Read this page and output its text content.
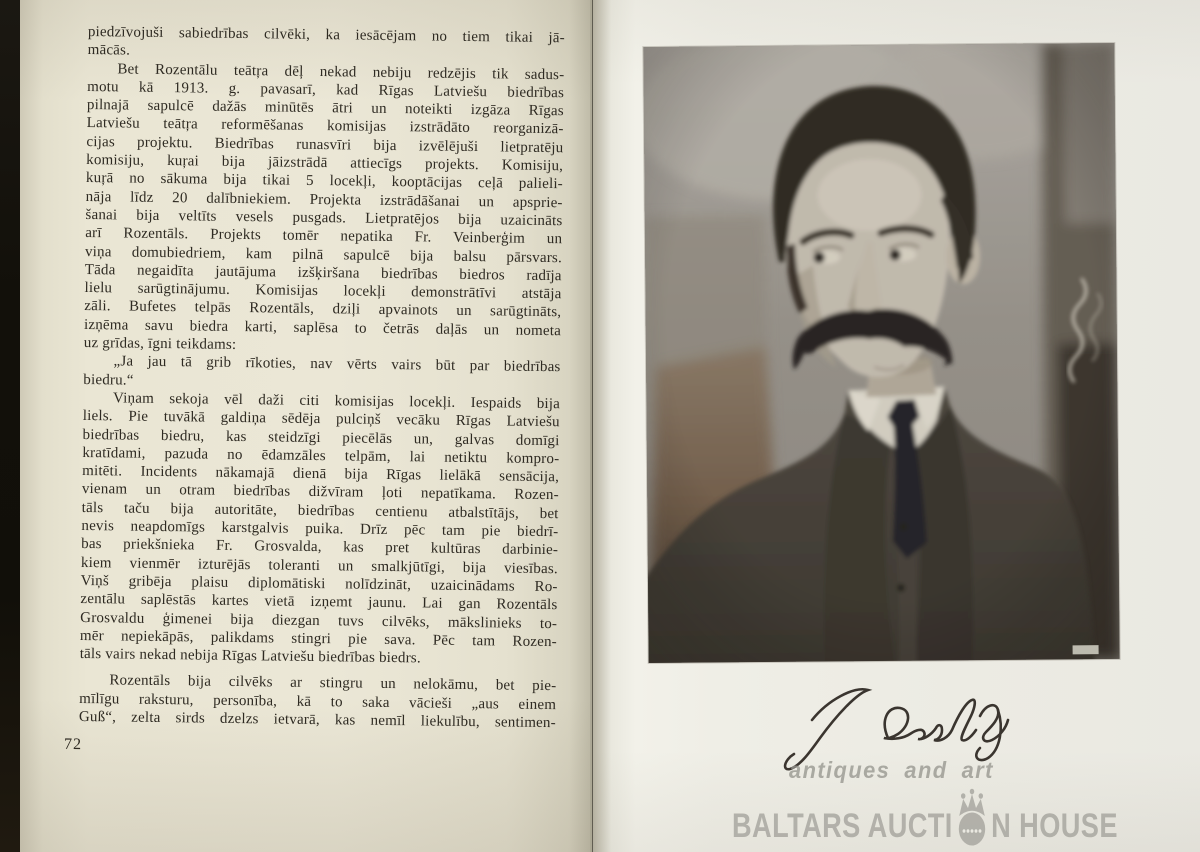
piedzīvojuši sabiedrības cilvēki, ka iesācējam no tiem tikai jā-
mācās.
Bet Rozentālu teātŗa dēļ nekad nebiju redzējis tik sadus-
motu kā 1913. g. pavasarī, kad Rīgas Latviešu biedrības
pilnajā sapulcē dažās minūtēs ātri un noteikti izgāza Rīgas
Latviešu teātŗa reformēšanas komisijas izstrādāto reorganizā-
cijas projektu. Biedrības runasvīri bija izvēlējuši lietpratēju
komisiju, kuŗai bija jāizstrādā attiecīgs projekts. Komisiju,
kuŗā no sākuma bija tikai 5 locekļi, kooptācijas ceļā palieli-
nāja līdz 20 dalībniekiem. Projekta izstrādāšanai un apsprie-
šanai bija veltīts vesels pusgads. Lietpratējos bija uzaicināts
arī Rozentāls. Projekts tomēr nepatika Fr. Veinberģim un
viņa domubiedriem, kam pilnā sapulcē bija balsu pārsvars.
Tāda negaidīta jautājuma izšķiršana biedrības biedros radīja
lielu sarūgtinājumu. Komisijas locekļi demonstrātīvi atstāja
zāli. Bufetes telpās Rozentāls, dziļi apvainots un sarūgtināts,
izņēma savu biedra karti, saplēsa to četrās daļās un nometa
uz grīdas, īgni teikdams:
„Ja jau tā grib rīkoties, nav vērts vairs būt par biedrības
biedru.“
Viņam sekoja vēl daži citi komisijas locekļi. Iespaids bija
liels. Pie tuvākā galdiņa sēdēja pulciņš vecāku Rīgas Latviešu
biedrības biedru, kas steidzīgi piecēlās un, galvas domīgi
kratīdami, pazuda no ēdamzāles telpām, lai netiktu kompro-
mitēti. Incidents nākamajā dienā bija Rīgas lielākā sensācija,
vienam un otram biedrības dižvīram ļoti nepatīkama. Rozen-
tāls taču bija autoritāte, biedrības centienu atbalstītājs, bet
nevis neapdomīgs karstgalvis puika. Drīz pēc tam pie biedrī-
bas priekšnieka Fr. Grosvalda, kas pret kultūras darbinie-
kiem vienmēr izturējās toleranti un smalkjūtīgi, bija viesības.
Viņš gribēja plaisu diplomātiski nolīdzināt, uzaicinādams Ro-
zentālu saplēstās kartes vietā izņemt jaunu. Lai gan Rozentāls
Grosvaldu ģimenei bija diezgan tuvs cilvēks, mākslinieks to-
mēr nepiekāpās, palikdams stingri pie sava. Pēc tam Rozen-
tāls vairs nekad nebija Rīgas Latviešu biedrības biedrs.
Rozentāls bija cilvēks ar stingru un nelokāmu, bet pie-
mīlīgu raksturu, personība, kā to saka vācieši „aus einem
Guß“, zelta sirds dzelzs ietvarā, kas nemīl liekulību, sentimen-
72
antiques and art
BALTARS AUCTI N HOUSE
